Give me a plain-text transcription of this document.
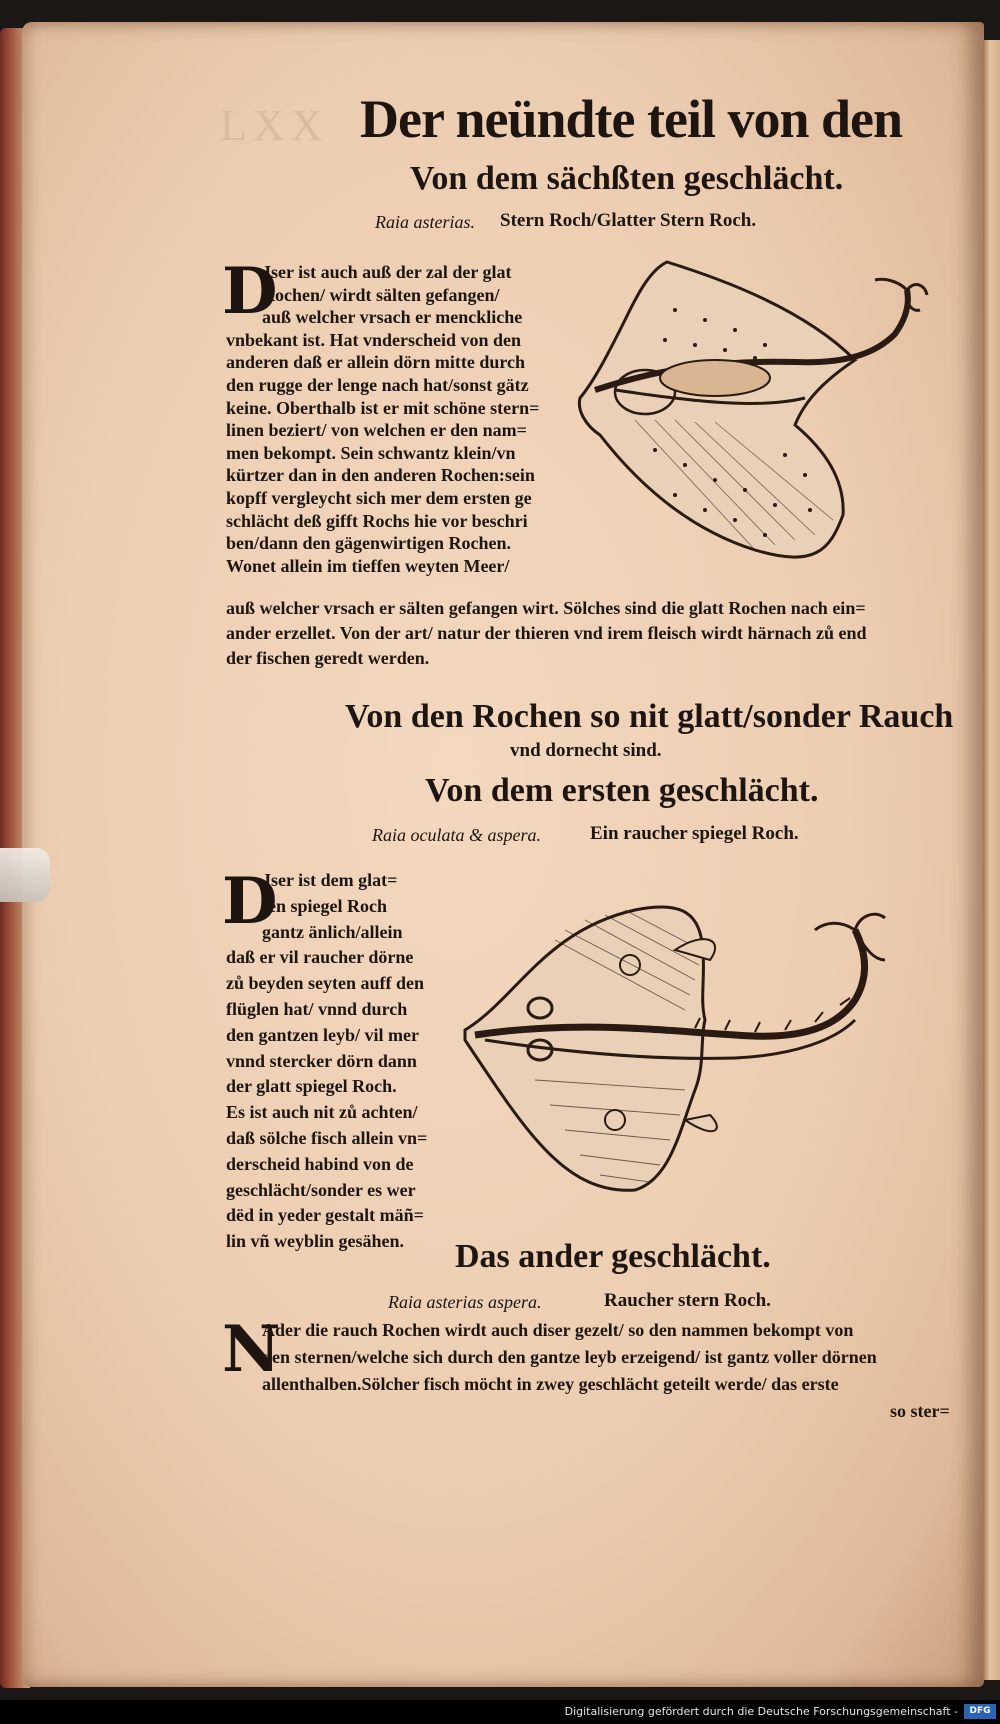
LXX Der neündte teil von den
Von dem sächßten geschlächt.
Raia asterias. Stern Roch/Glatter Stern Roch.
D
Jser ist auch auß der zal der glat
Rochen/ wirdt sälten gefangen/
auß welcher vrsach er menckliche
vnbekant ist. Hat vnderscheid von den
anderen daß er allein dörn mitte durch
den rugge der lenge nach hat/sonst gätz
keine. Oberthalb ist er mit schöne stern=
linen beziert/ von welchen er den nam=
men bekompt. Sein schwantz klein/vn
kürtzer dan in den anderen Rochen:sein
kopff vergleycht sich mer dem ersten ge
schlächt deß gifft Rochs hie vor beschri
ben/dann den gägenwirtigen Rochen.
Wonet allein im tieffen weyten Meer/
auß welcher vrsach er sälten gefangen wirt. Sölches sind die glatt Rochen nach ein=
ander erzellet. Von der art/ natur der thieren vnd irem fleisch wirdt härnach zů end
der fischen geredt werden.
Von den Rochen so nit glatt/sonder Rauch
vnd dornecht sind.
Von dem ersten geschlächt.
Raia oculata & aspera.	Ein raucher spiegel Roch.
D
Jser ist dem glat=
ten spiegel Roch
gantz änlich/allein
daß er vil raucher dörne
zů beyden seyten auff den
flüglen hat/ vnnd durch
den gantzen leyb/ vil mer
vnnd stercker dörn dann
der glatt spiegel Roch.
Es ist auch nit zů achten/
daß sölche fisch allein vn=
derscheid habind von de
geschlächt/sonder es wer
dëd in yeder gestalt mäñ=
lin vñ weyblin gesähen. Das ander geschlächt.
Raia asterias aspera.	Raucher stern Roch.
N
Ader die rauch Rochen wirdt auch diser gezelt/ so den nammen bekompt von
den sternen/welche sich durch den gantze leyb erzeigend/ ist gantz voller dörnen
allenthalben.Sölcher fisch möcht in zwey geschlächt geteilt werde/ das erste
so ster=
Digitalisierung gefördert durch die Deutsche Forschungsgemeinschaft -	DFG
